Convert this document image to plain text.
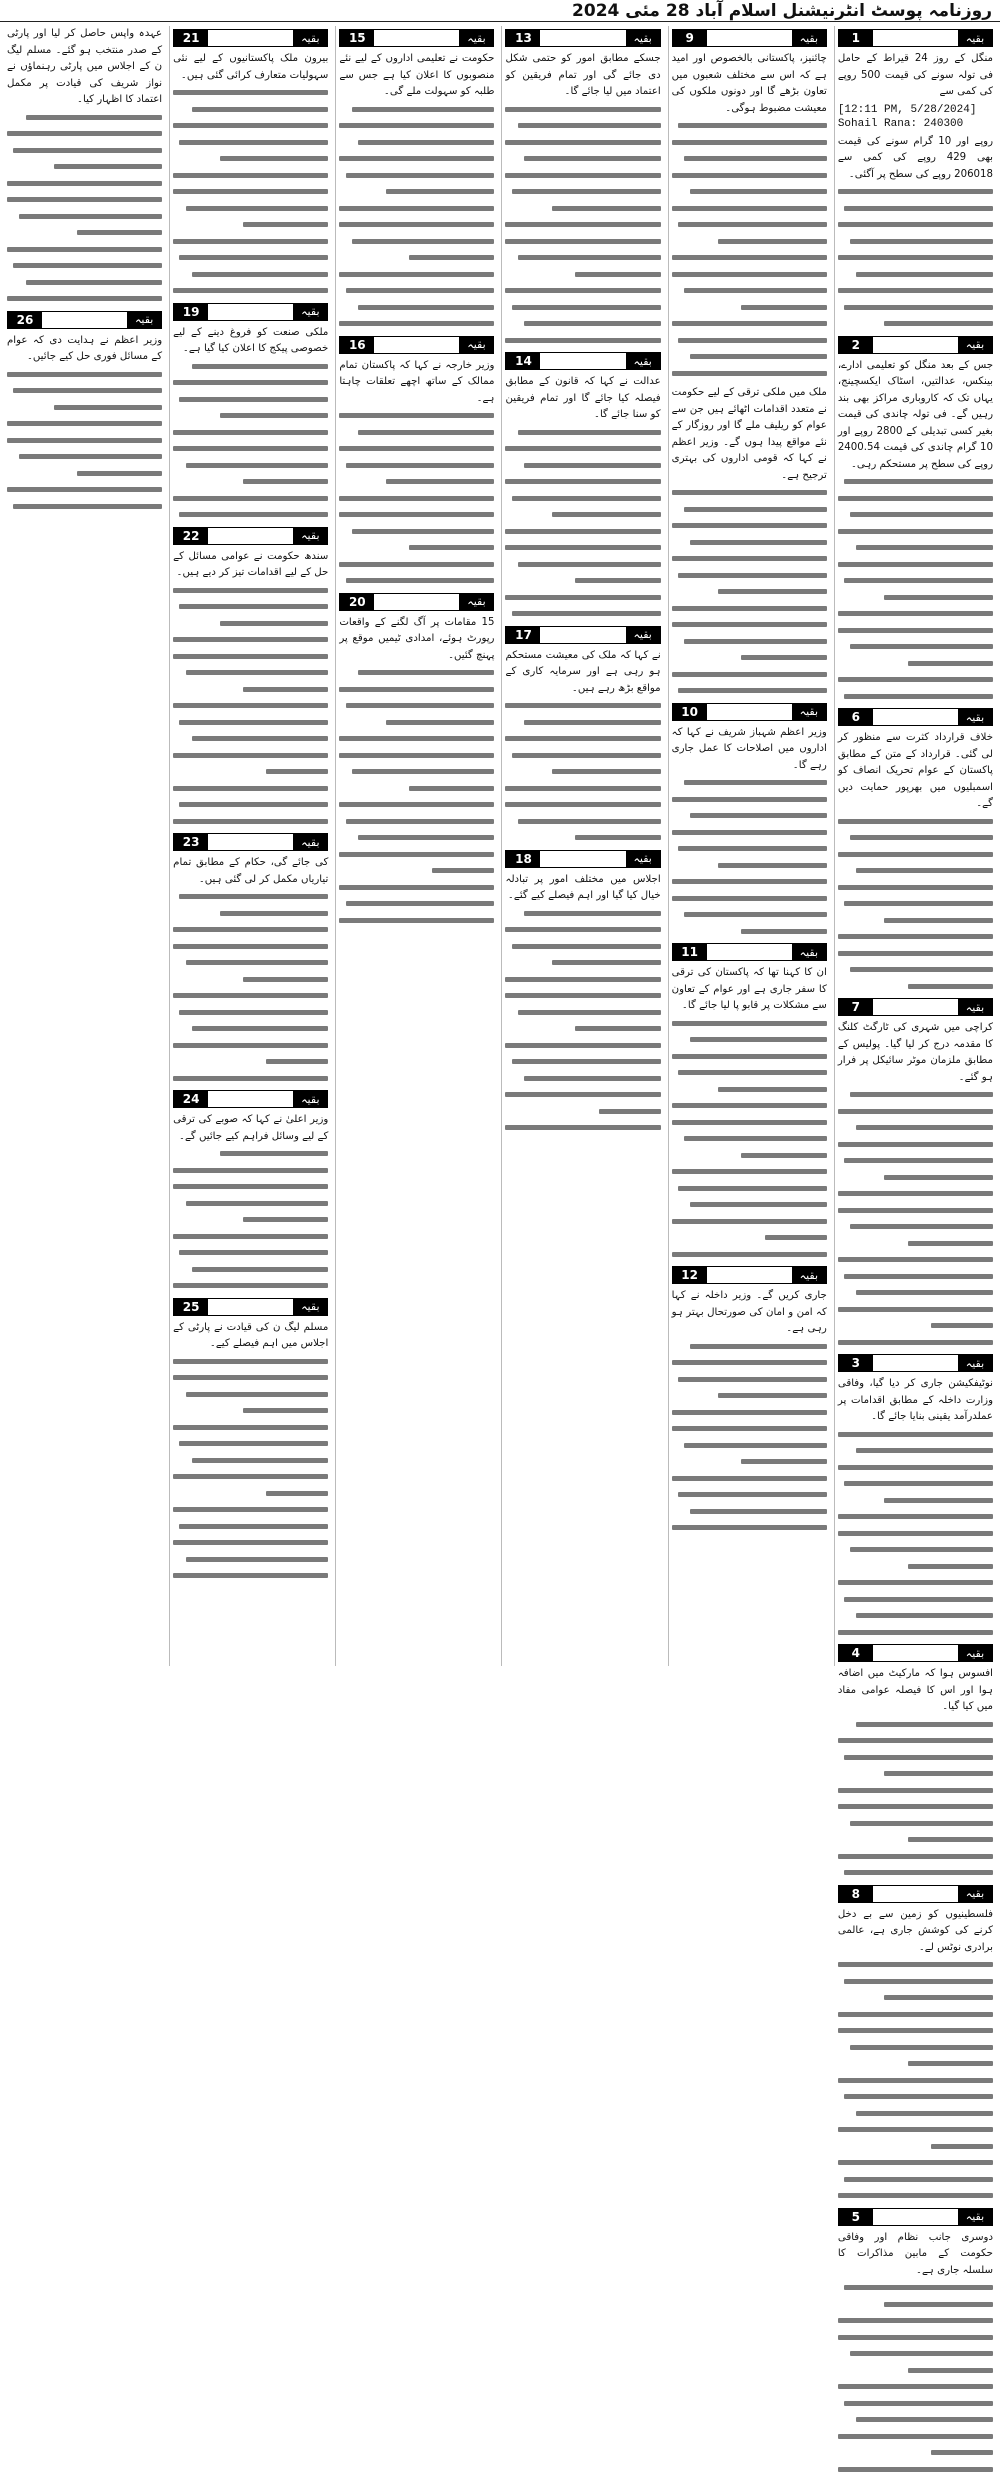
روزنامہ پوسٹ انٹرنیشنل اسلام آباد 28 مئی 2024
1	بقیہ

منگل کے روز 24 قیراط کے حامل فی تولہ سونے کی قیمت 500 روپے کی کمی سے

[12:11 PM, 5/28/2024] Sohail Rana: 240300

روپے اور 10 گرام سونے کی قیمت بھی 429 روپے کی کمی سے 206018 روپے کی سطح پر آگئی۔

2	بقیہ

جس کے بعد منگل کو تعلیمی ادارے، بینکس، عدالتیں، اسٹاک ایکسچینج، یہاں تک کہ کاروباری مراکز بھی بند رہیں گے۔ فی تولہ چاندی کی قیمت بغیر کسی تبدیلی کے 2800 روپے اور 10 گرام چاندی کی قیمت 2400.54 روپے کی سطح پر مستحکم رہی۔

6	بقیہ

خلاف قرارداد کثرت سے منظور کر لی گئی۔ قرارداد کے متن کے مطابق پاکستان کے عوام تحریک انصاف کو اسمبلیوں میں بھرپور حمایت دیں گے۔

7	بقیہ

کراچی میں شہری کی ٹارگٹ کلنگ کا مقدمہ درج کر لیا گیا۔ پولیس کے مطابق ملزمان موٹر سائیکل پر فرار ہو گئے۔

3	بقیہ

نوٹیفکیشن جاری کر دیا گیا، وفاقی وزارت داخلہ کے مطابق اقدامات پر عملدرآمد یقینی بنایا جائے گا۔

4	بقیہ

افسوس ہوا کہ مارکیٹ میں اضافہ ہوا اور اس کا فیصلہ عوامی مفاد میں کیا گیا۔

8	بقیہ

فلسطینیوں کو زمین سے بے دخل کرنے کی کوشش جاری ہے، عالمی برادری نوٹس لے۔

5	بقیہ

دوسری جانب نظام اور وفاقی حکومت کے مابین مذاکرات کا سلسلہ جاری ہے۔

9	بقیہ

چائنیز، پاکستانی بالخصوص اور امید ہے کہ اس سے مختلف شعبوں میں تعاون بڑھے گا اور دونوں ملکوں کی معیشت مضبوط ہوگی۔

ملک میں ملکی ترقی کے لیے حکومت نے متعدد اقدامات اٹھائے ہیں جن سے عوام کو ریلیف ملے گا اور روزگار کے نئے مواقع پیدا ہوں گے۔ وزیر اعظم نے کہا کہ قومی اداروں کی بہتری ترجیح ہے۔

10	بقیہ

وزیر اعظم شہباز شریف نے کہا کہ اداروں میں اصلاحات کا عمل جاری رہے گا۔

11	بقیہ

ان کا کہنا تھا کہ پاکستان کی ترقی کا سفر جاری ہے اور عوام کے تعاون سے مشکلات پر قابو پا لیا جائے گا۔

12	بقیہ

جاری کریں گے۔ وزیر داخلہ نے کہا کہ امن و امان کی صورتحال بہتر ہو رہی ہے۔

13	بقیہ

جسکے مطابق امور کو حتمی شکل دی جائے گی اور تمام فریقین کو اعتماد میں لیا جائے گا۔

14	بقیہ

عدالت نے کہا کہ قانون کے مطابق فیصلہ کیا جائے گا اور تمام فریقین کو سنا جائے گا۔

17	بقیہ

نے کہا کہ ملک کی معیشت مستحکم ہو رہی ہے اور سرمایہ کاری کے مواقع بڑھ رہے ہیں۔

18	بقیہ

اجلاس میں مختلف امور پر تبادلہ خیال کیا گیا اور اہم فیصلے کیے گئے۔

15	بقیہ

حکومت نے تعلیمی اداروں کے لیے نئے منصوبوں کا اعلان کیا ہے جس سے طلبہ کو سہولت ملے گی۔

16	بقیہ

وزیر خارجہ نے کہا کہ پاکستان تمام ممالک کے ساتھ اچھے تعلقات چاہتا ہے۔

20	بقیہ

15 مقامات پر آگ لگنے کے واقعات رپورٹ ہوئے، امدادی ٹیمیں موقع پر پہنچ گئیں۔

21	بقیہ

بیرون ملک پاکستانیوں کے لیے نئی سہولیات متعارف کرائی گئی ہیں۔

19	بقیہ

ملکی صنعت کو فروغ دینے کے لیے خصوصی پیکج کا اعلان کیا گیا ہے۔

22	بقیہ

سندھ حکومت نے عوامی مسائل کے حل کے لیے اقدامات تیز کر دیے ہیں۔

23	بقیہ

کی جائے گی، حکام کے مطابق تمام تیاریاں مکمل کر لی گئی ہیں۔

24	بقیہ

وزیر اعلیٰ نے کہا کہ صوبے کی ترقی کے لیے وسائل فراہم کیے جائیں گے۔

25	بقیہ

مسلم لیگ ن کی قیادت نے پارٹی کے اجلاس میں اہم فیصلے کیے۔

عہدہ واپس حاصل کر لیا اور پارٹی کے صدر منتخب ہو گئے۔ مسلم لیگ ن کے اجلاس میں پارٹی رہنماؤں نے نواز شریف کی قیادت پر مکمل اعتماد کا اظہار کیا۔

26	بقیہ

وزیر اعظم نے ہدایت دی کہ عوام کے مسائل فوری حل کیے جائیں۔
